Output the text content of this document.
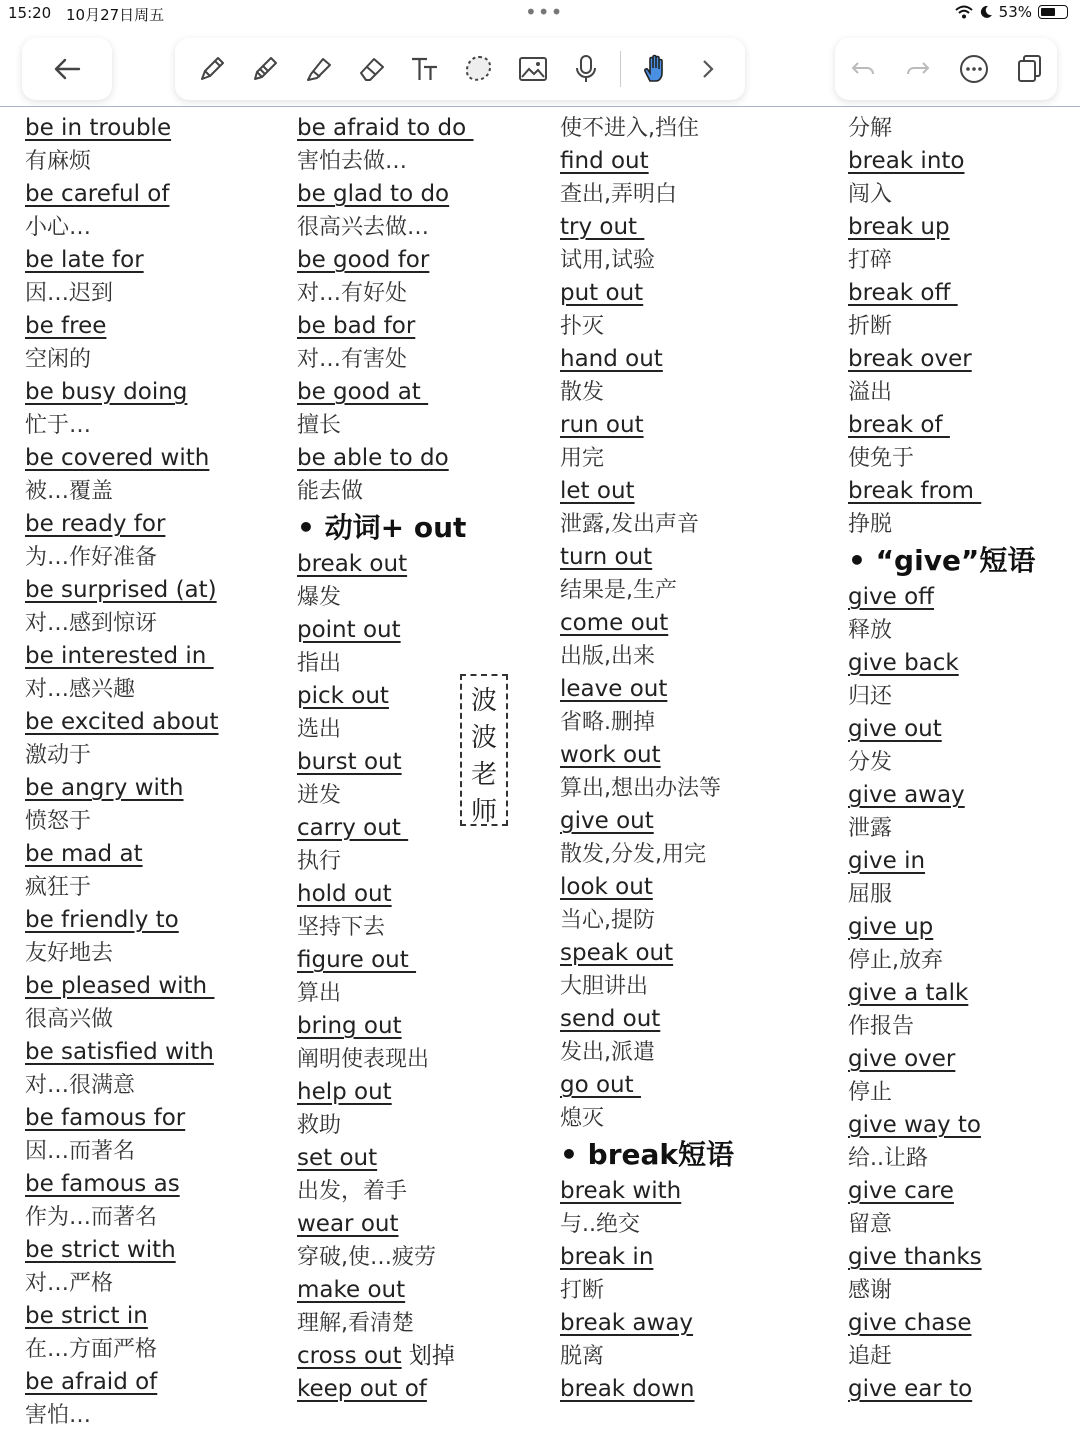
15:20 10月27日周五	•••	53%
be in trouble
有麻烦
be careful of
小心…
be late for
因…迟到
be free
空闲的
be busy doing
忙于…
be covered with
被…覆盖
be ready for
为…作好准备
be surprised (at)
对…感到惊讶
be interested in
对…感兴趣
be excited about
激动于
be angry with
愤怒于
be mad at
疯狂于
be friendly to
友好地去
be pleased with
很高兴做
be satisfied with
对…很满意
be famous for
因…而著名
be famous as
作为…而著名
be strict with
对…严格
be strict in
在…方面严格
be afraid of
害怕…
be afraid to do
害怕去做…
be glad to do
很高兴去做…
be good for
对…有好处
be bad for
对…有害处
be good at
擅长
be able to do
能去做
• 动词+ out
break out
爆发
point out
指出
pick out
选出
burst out
迸发
carry out
执行
hold out
坚持下去
figure out
算出
bring out
阐明使表现出
help out
救助
set out
出发，着手
wear out
穿破,使…疲劳
make out
理解,看清楚
cross out 划掉
keep out of
使不进入,挡住
find out
查出,弄明白
try out
试用,试验
put out
扑灭
hand out
散发
run out
用完
let out
泄露,发出声音
turn out
结果是,生产
come out
出版,出来
leave out
省略.删掉
work out
算出,想出办法等
give out
散发,分发,用完
look out
当心,提防
speak out
大胆讲出
send out
发出,派遣
go out
熄灭
• break短语
break with
与..绝交
break in
打断
break away
脱离
break down
分解
break into
闯入
break up
打碎
break off
折断
break over
溢出
break of
使免于
break from
挣脱
• “give”短语
give off
释放
give back
归还
give out
分发
give away
泄露
give in
屈服
give up
停止,放弃
give a talk
作报告
give over
停止
give way to
给..让路
give care
留意
give thanks
感谢
give chase
追赶
give ear to
波
波
老
师
